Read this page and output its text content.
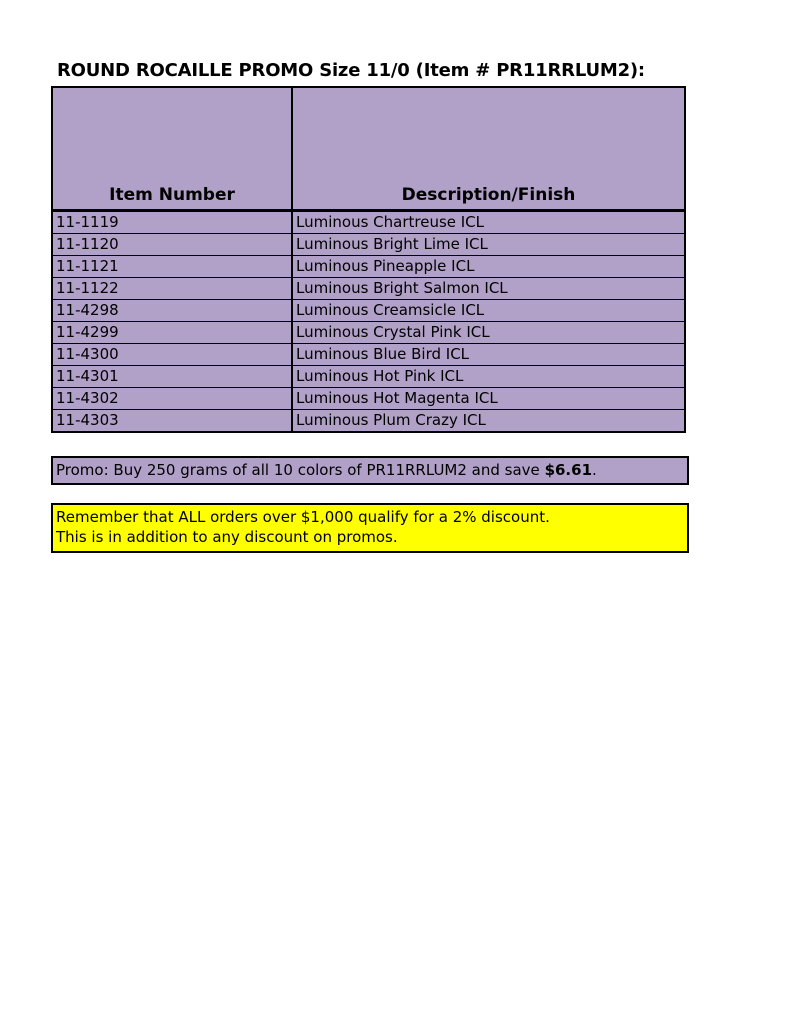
ROUND ROCAILLE PROMO Size 11/0 (Item # PR11RRLUM2):
Item Number	Description/Finish
11-1119	Luminous Chartreuse ICL
11-1120	Luminous Bright Lime ICL
11-1121	Luminous Pineapple ICL
11-1122	Luminous Bright Salmon ICL
11-4298	Luminous Creamsicle ICL
11-4299	Luminous Crystal Pink ICL
11-4300	Luminous Blue Bird ICL
11-4301	Luminous Hot Pink ICL
11-4302	Luminous Hot Magenta ICL
11-4303	Luminous Plum Crazy ICL
Promo: Buy 250 grams of all 10 colors of PR11RRLUM2 and save $6.61.
Remember that ALL orders over $1,000 qualify for a 2% discount.
This is in addition to any discount on promos.
